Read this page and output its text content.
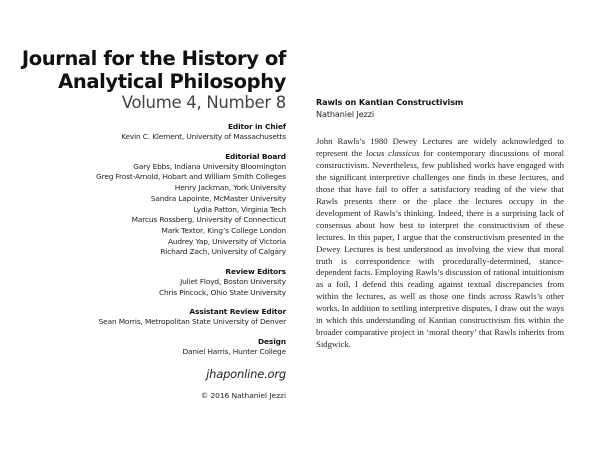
Journal for the History of
Analytical Philosophy
Volume 4, Number 8
Editor in Chief
Kevin C. Klement, University of Massachusetts
Editorial Board
Gary Ebbs, Indiana University Bloomington
Greg Frost-Arnold, Hobart and William Smith Colleges
Henry Jackman, York University
Sandra Lapointe, McMaster University
Lydia Patton, Virginia Tech
Marcus Rossberg, University of Connecticut
Mark Textor, King’s College London
Audrey Yap, University of Victoria
Richard Zach, University of Calgary
Review Editors
Juliet Floyd, Boston University
Chris Pincock, Ohio State University
Assistant Review Editor
Sean Morris, Metropolitan State University of Denver
Design
Daniel Harris, Hunter College
jhaponline.org
© 2016 Nathaniel Jezzi
Rawls on Kantian Constructivism
Nathaniel Jezzi
John Rawls’s 1980 Dewey Lectures are widely acknowledged to represent the locus classicus for contemporary discussions of moral constructivism. Nevertheless, few published works have engaged with the significant interpretive challenges one finds in these lectures, and those that have fail to offer a satisfactory reading of the view that Rawls presents there or the place the lectures occupy in the development of Rawls’s thinking. Indeed, there is a surprising lack of consensus about how best to interpret the constructivism of these lectures. In this paper, I argue that the constructivism presented in the Dewey Lectures is best understood as involving the view that moral truth is correspondence with procedurally-determined, stance-dependent facts. Employing Rawls’s discussion of rational intuitionism as a foil, I defend this reading against textual discrepancies from within the lectures, as well as those one finds across Rawls’s other works. In addition to settling interpretive disputes, I draw out the ways in which this understanding of Kantian constructivism fits within the broader comparative project in ‘moral theory’ that Rawls inherits from Sidgwick.
